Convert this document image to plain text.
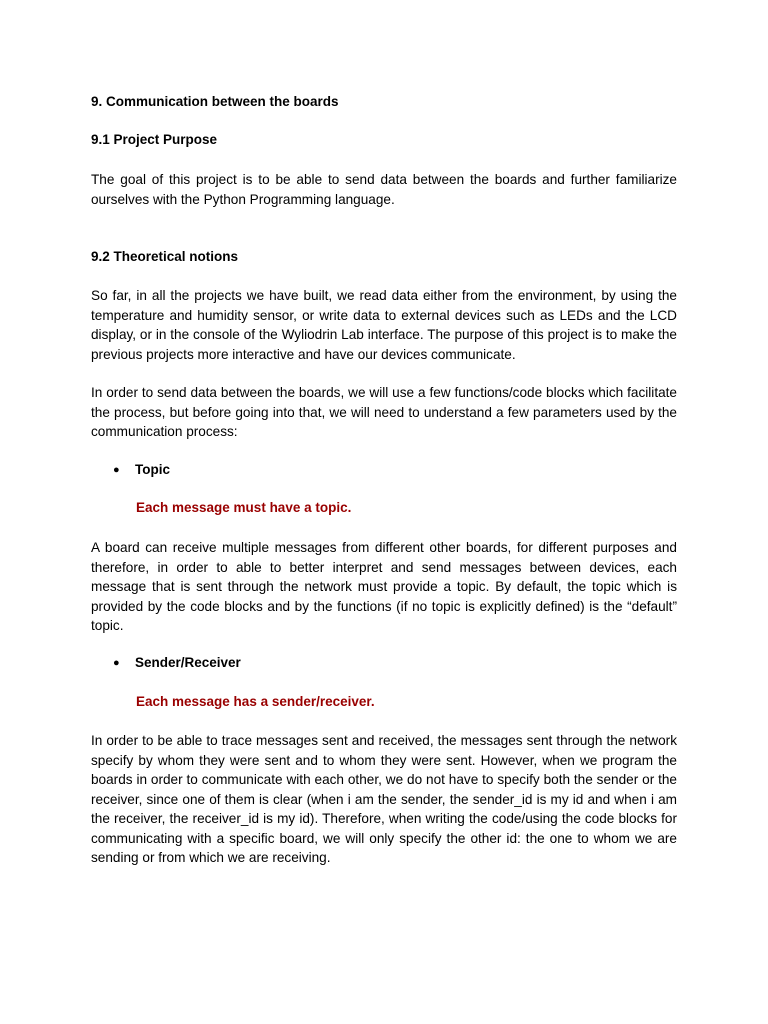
9. Communication between the boards
9.1 Project Purpose
The goal of this project is to be able to send data between the boards and further familiarize ourselves with the Python Programming language.
9.2 Theoretical notions
So far, in all the projects we have built, we read data either from the environment, by using the temperature and humidity sensor, or write data to external devices such as LEDs and the LCD display, or in the console of the Wyliodrin Lab interface. The purpose of this project is to make the previous projects more interactive and have our devices communicate.
In order to send data between the boards, we will use a few functions/code blocks which facilitate the process, but before going into that, we will need to understand a few parameters used by the communication process:
● Topic
Each message must have a topic.
A board can receive multiple messages from different other boards, for different purposes and therefore, in order to able to better interpret and send messages between devices, each message that is sent through the network must provide a topic. By default, the topic which is provided by the code blocks and by the functions (if no topic is explicitly defined) is the “default” topic.
● Sender/Receiver
Each message has a sender/receiver.
In order to be able to trace messages sent and received, the messages sent through the network specify by whom they were sent and to whom they were sent. However, when we program the boards in order to communicate with each other, we do not have to specify both the sender or the receiver, since one of them is clear (when i am the sender, the sender_id is my id and when i am the receiver, the receiver_id is my id). Therefore, when writing the code/using the code blocks for communicating with a specific board, we will only specify the other id: the one to whom we are sending or from which we are receiving.
